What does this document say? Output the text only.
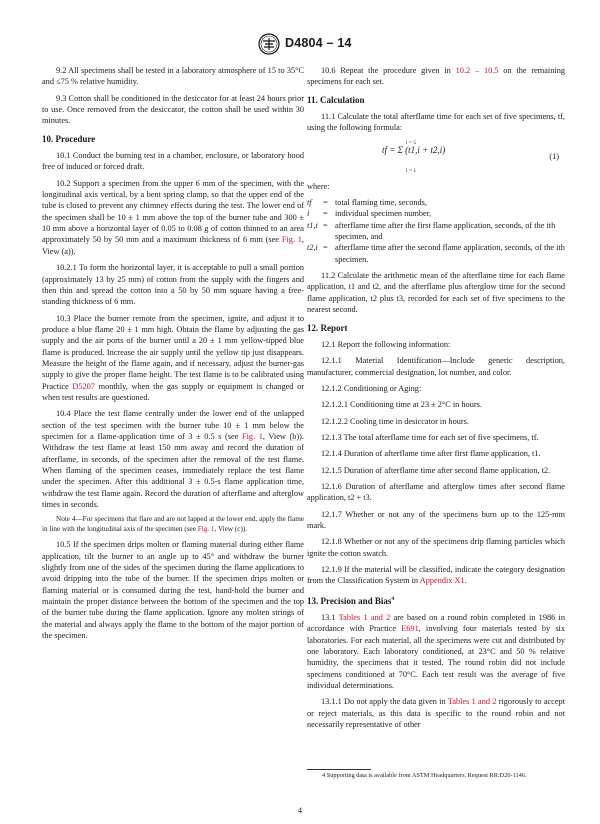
D4804 – 14

9.2 All specimens shall be tested in a laboratory atmosphere of 15 to 35°C and ≤75 % relative humidity.

9.3 Cotton shall be conditioned in the desiccator for at least 24 hours prior to use. Once removed from the desiccator, the cotton shall be used within 30 minutes.

10. Procedure

10.1 Conduct the burning test in a chamber, enclosure, or laboratory hood free of induced or forced draft.

10.2 Support a specimen from the upper 6 mm of the specimen, with the longitudinal axis vertical, by a bent spring clamp, so that the upper end of the tube is closed to prevent any chimney effects during the test. The lower end of the specimen shall be 10 ± 1 mm above the top of the burner tube and 300 ± 10 mm above a horizontal layer of 0.05 to 0.08 g of cotton thinned to an area approximately 50 by 50 mm and a maximum thickness of 6 mm (see Fig. 1, View (a)).

10.2.1 To form the horizontal layer, it is acceptable to pull a small portion (approximately 13 by 25 mm) of cotton from the supply with the fingers and then thin and spread the cotton into a 50 by 50 mm square having a free-standing thickness of 6 mm.

10.3 Place the burner remote from the specimen, ignite, and adjust it to produce a blue flame 20 ± 1 mm high. Obtain the flame by adjusting the gas supply and the air ports of the burner until a 20 ± 1 mm yellow-tipped blue flame is produced. Increase the air supply until the yellow tip just disappears. Measure the height of the flame again, and if necessary, adjust the burner-gas supply to give the proper flame height. The test flame is to be calibrated using Practice D5207 monthly, when the gas supply or equipment is changed or when test results are questioned.

10.4 Place the test flame centrally under the lower end of the unlapped section of the test specimen with the burner tube 10 ± 1 mm below the specimen for a flame-application time of 3 ± 0.5 s (see Fig. 1, View (b)). Withdraw the test flame at least 150 mm away and record the duration of afterflame, in seconds, of the specimen after the removal of the test flame. When flaming of the specimen ceases, immediately replace the test flame under the specimen. After this additional 3 ± 0.5-s flame application time, withdraw the test flame again. Record the duration of afterflame and afterglow times in seconds.

Note 4—For specimens that flare and are not lapped at the lower end, apply the flame in line with the longitudinal axis of the specimen (see Fig. 1, View (c)).

10.5 If the specimen drips molten or flaming material during either flame application, tilt the burner to an angle up to 45° and withdraw the burner slightly from one of the sides of the specimen during the flame applications to avoid dripping into the tube of the burner. If the specimen drips molten or flaming material or is consumed during the test, hand-hold the burner and maintain the proper distance between the bottom of the specimen and the top of the burner tube during the flame application. Ignore any molten strings of the material and always apply the flame to the bottom of the major portion of the specimen.

10.6 Repeat the procedure given in 10.2 – 10.5 on the remaining specimens for each set.

11. Calculation

11.1 Calculate the total afterflame time for each set of five specimens, tf, using the following formula:

i = 5
tf = Σ (t1,i + t2,i)
i = 1
(1)

where:

tf	= total flaming time, seconds,
i	= individual specimen number,
t1,i = afterflame time after the first flame application, seconds, of the ith specimen, and
t2,i = afterflame time after the second flame application, seconds, of the ith specimen.

11.2 Calculate the arithmetic mean of the afterflame time for each flame application, t1 and t2, and the afterflame plus afterglow time for the second flame application, t2 plus t3, recorded for each set of five specimens to the nearest second.

12. Report

12.1 Report the following information:

12.1.1 Material Identification—Include generic description, manufacturer, commercial designation, lot number, and color.

12.1.2 Conditioning or Aging:

12.1.2.1 Conditioning time at 23 ± 2°C in hours.

12.1.2.2 Cooling time in desiccator in hours.

12.1.3 The total afterflame time for each set of five specimens, tf.

12.1.4 Duration of afterflame time after first flame application, t1.

12.1.5 Duration of afterflame time after second flame application, t2.

12.1.6 Duration of afterflame and afterglow times after second flame application, t2 + t3.

12.1.7 Whether or not any of the specimens burn up to the 125-mm mark.

12.1.8 Whether or not any of the specimens drip flaming particles which ignite the cotton swatch.

12.1.9 If the material will be classified, indicate the category designation from the Classification System in Appendix X1.

13. Precision and Bias$^4$

13.1 Tables 1 and 2 are based on a round robin completed in 1986 in accordance with Practice E691, involving four materials tested by six laboratories. For each material, all the specimens were cut and distributed by one laboratory. Each laboratory conditioned, at 23°C and 50 % relative humidity, the specimens that it tested. The round robin did not include specimens conditioned at 70°C. Each test result was the average of five individual determinations.

13.1.1 Do not apply the data given in Tables 1 and 2 rigorously to accept or reject materials, as this data is specific to the round robin and not necessarily representative of other

4 Supporting data is available from ASTM Headquarters. Request RR:D20-1146.
4
